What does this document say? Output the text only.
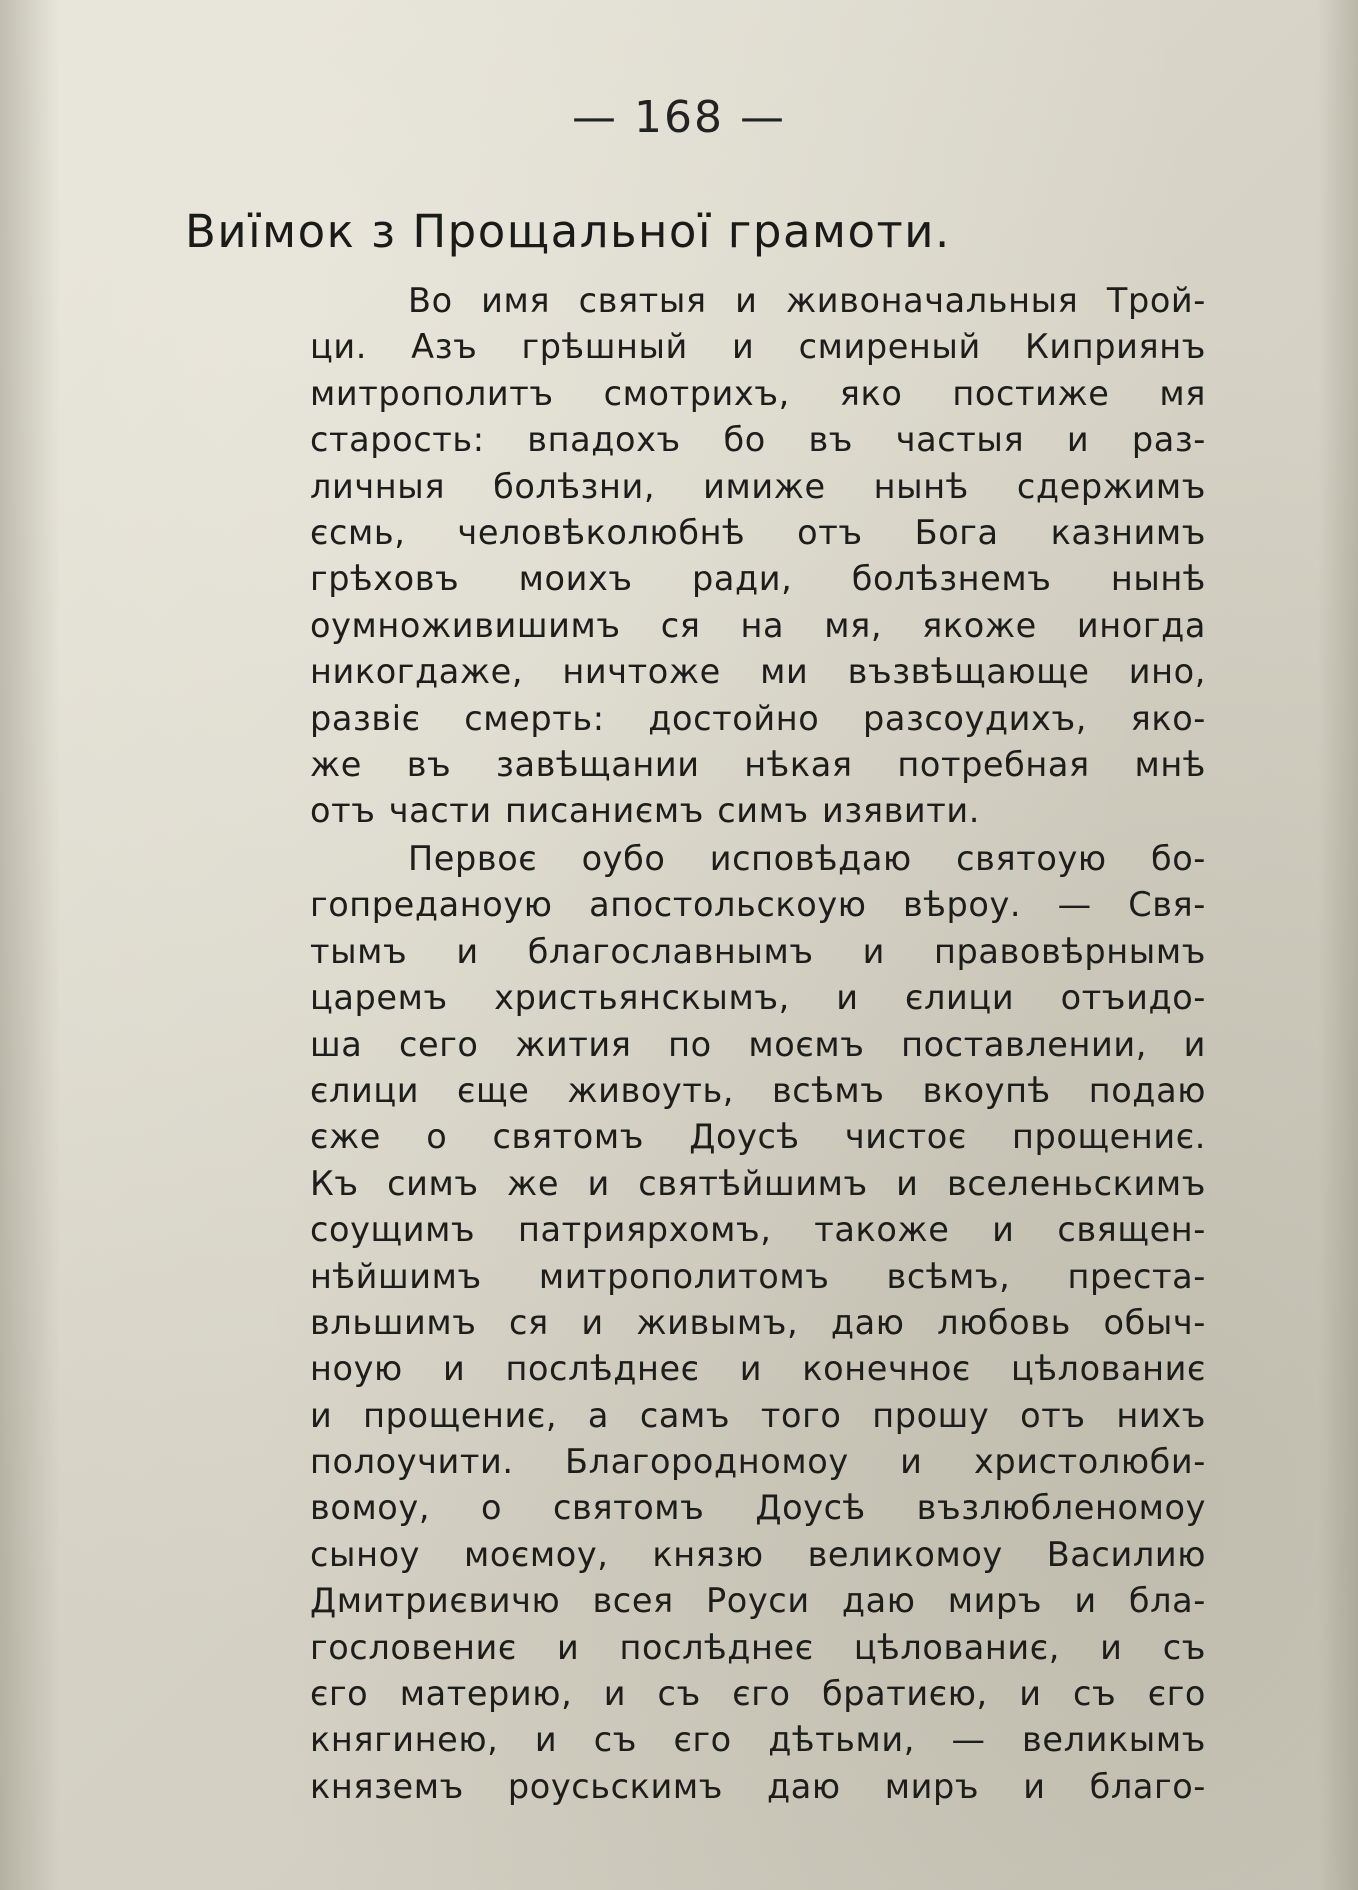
— 168 —
Виїмок з Прощальної грамоти.
Во имя святыя и живоначальныя Трой-
ци. Азъ грѣшный и смиреный Киприянъ
митрополитъ смотрихъ, яко постиже мя
старость: впадохъ бо въ частыя и раз-
личныя болѣзни, имиже нынѣ сдержимъ
єсмь, человѣколюбнѣ отъ Бога казнимъ
грѣховъ моихъ ради, болѣзнемъ нынѣ
оумноживишимъ ся на мя, якоже иногда
никогдаже, ничтоже ми възвѣщающе ино,
развіє смерть: достойно разсоудихъ, яко-
же въ завѣщании нѣкая потребная мнѣ
отъ части писаниємъ симъ изявити.
Первоє оубо исповѣдаю святоую бо-
гопреданоую апостольскоую вѣроу. — Свя-
тымъ и благославнымъ и правовѣрнымъ
царемъ христьянскымъ, и єлици отъидо-
ша сего жития по моємъ поставлении, и
єлици єще живоуть, всѣмъ вкоупѣ подаю
єже о святомъ Доусѣ чистоє прощениє.
Къ симъ же и святѣйшимъ и вселеньскимъ
соущимъ патриярхомъ, такоже и священ-
нѣйшимъ митрополитомъ всѣмъ, преста-
вльшимъ ся и живымъ, даю любовь обыч-
ноую и послѣднеє и конечноє цѣлованиє
и прощениє, а самъ того прошу отъ нихъ
полоучити. Благородномоу и христолюби-
вомоу, о святомъ Доусѣ възлюбленомоу
сыноу моємоу, князю великомоу Василию
Дмитриєвичю всея Роуси даю миръ и бла-
гословениє и послѣднеє цѣлованиє, и съ
єго материю, и съ єго братиєю, и съ єго
княгинею, и съ єго дѣтьми, — великымъ
княземъ роусьскимъ даю миръ и благо-
